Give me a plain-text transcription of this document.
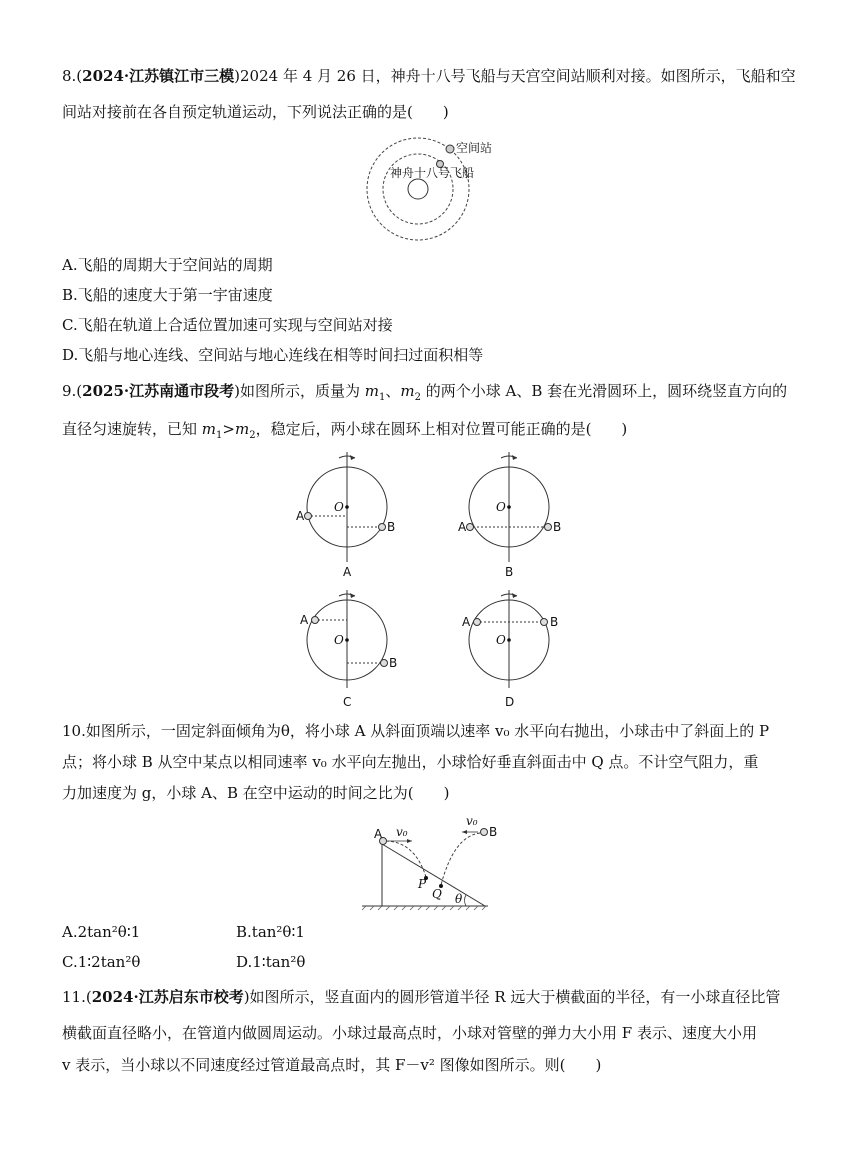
8.(2024·江苏镇江市三模)2024 年 4 月 26 日，神舟十八号飞船与天宫空间站顺利对接。如图所示，飞船和空
间站对接前在各自预定轨道运动，下列说法正确的是(　　)
空间站
神舟十八号飞船
A.飞船的周期大于空间站的周期
B.飞船的速度大于第一宇宙速度
C.飞船在轨道上合适位置加速可实现与空间站对接
D.飞船与地心连线、空间站与地心连线在相等时间扫过面积相等
9.(2025·江苏南通市段考)如图所示，质量为 $m_1$、$m_2$ 的两个小球 A、B 套在光滑圆环上，圆环绕竖直方向的
直径匀速旋转，已知 $m_1>m_2$，稳定后，两小球在圆环上相对位置可能正确的是(　　)
O
A
B
A
O
A	B
B
O
A
B
C
O
A	B
D
10.如图所示，一固定斜面倾角为θ，将小球 A 从斜面顶端以速率 v₀ 水平向右抛出，小球击中了斜面上的 P
点；将小球 B 从空中某点以相同速率 v₀ 水平向左抛出，小球恰好垂直斜面击中 Q 点。不计空气阻力，重
力加速度为 g，小球 A、B 在空中运动的时间之比为(　　)
θ
A v₀
P
B
v₀
Q
A.2tan²θ∶1	B.tan²θ∶1
C.1∶2tan²θ	D.1∶tan²θ
11.(2024·江苏启东市校考)如图所示，竖直面内的圆形管道半径 R 远大于横截面的半径，有一小球直径比管
横截面直径略小，在管道内做圆周运动。小球过最高点时，小球对管壁的弹力大小用 F 表示、速度大小用
v 表示，当小球以不同速度经过管道最高点时，其 F－v² 图像如图所示。则(　　)
